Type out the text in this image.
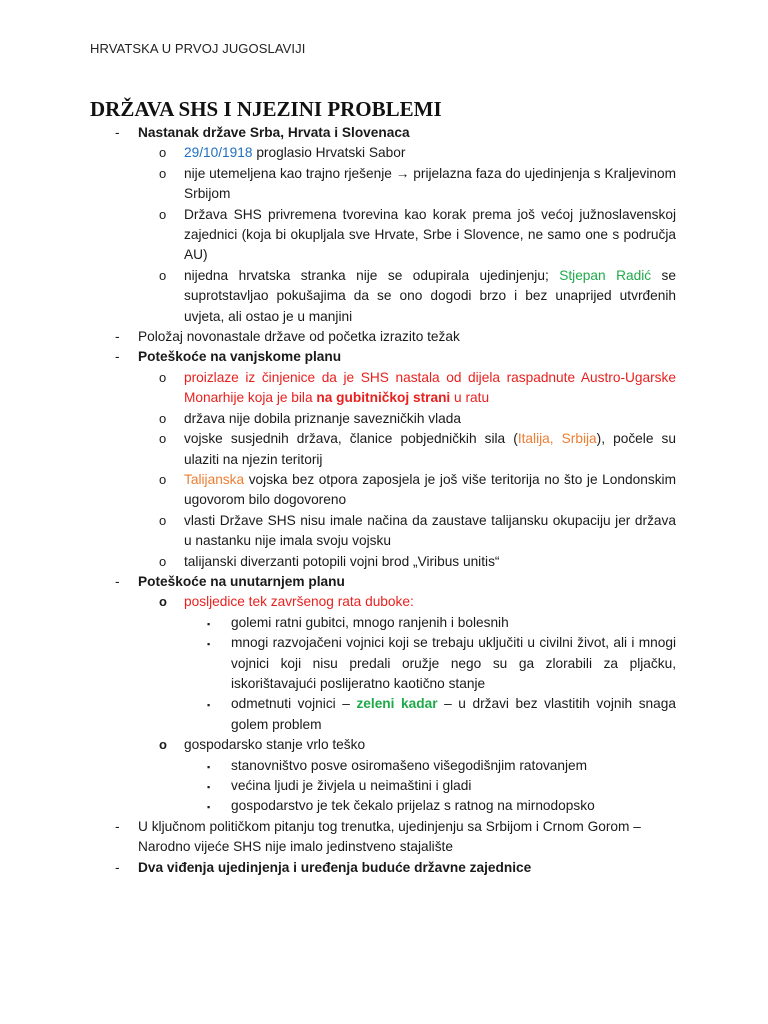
HRVATSKA U PRVOJ JUGOSLAVIJI
DRŽAVA SHS I NJEZINI PROBLEMI
- Nastanak države Srba, Hrvata i Slovenaca
o 29/10/1918 proglasio Hrvatski Sabor
o nije utemeljena kao trajno rješenje → prijelazna faza do ujedinjenja s Kraljevinom Srbijom
o Država SHS privremena tvorevina kao korak prema još većoj južnoslavenskoj zajednici (koja bi okupljala sve Hrvate, Srbe i Slovence, ne samo one s područja AU)
o nijedna hrvatska stranka nije se odupirala ujedinjenju; Stjepan Radić se suprotstavljao pokušajima da se ono dogodi brzo i bez unaprijed utvrđenih uvjeta, ali ostao je u manjini
- Položaj novonastale države od početka izrazito težak
- Poteškoće na vanjskome planu
o proizlaze iz činjenice da je SHS nastala od dijela raspadnute Austro-Ugarske Monarhije koja je bila na gubitničkoj strani u ratu
o država nije dobila priznanje savezničkih vlada
o vojske susjednih država, članice pobjedničkih sila (Italija, Srbija), počele su ulaziti na njezin teritorij
o Talijanska vojska bez otpora zaposjela je još više teritorija no što je Londonskim ugovorom bilo dogovoreno
o vlasti Države SHS nisu imale načina da zaustave talijansku okupaciju jer država u nastanku nije imala svoju vojsku
o talijanski diverzanti potopili vojni brod „Viribus unitis“
- Poteškoće na unutarnjem planu
o posljedice tek završenog rata duboke:
▪ golemi ratni gubitci, mnogo ranjenih i bolesnih
▪ mnogi razvojačeni vojnici koji se trebaju uključiti u civilni život, ali i mnogi vojnici koji nisu predali oružje nego su ga zlorabili za pljačku, iskorištavajući poslijeratno kaotično stanje
▪ odmetnuti vojnici – zeleni kadar – u državi bez vlastitih vojnih snaga golem problem
o gospodarsko stanje vrlo teško
▪ stanovništvo posve osiromašeno višegodišnjim ratovanjem
▪ većina ljudi je živjela u neimaštini i gladi
▪ gospodarstvo je tek čekalo prijelaz s ratnog na mirnodopsko
- U ključnom političkom pitanju tog trenutka, ujedinjenju sa Srbijom i Crnom Gorom – Narodno vijeće SHS nije imalo jedinstveno stajalište
- Dva viđenja ujedinjenja i uređenja buduće državne zajednice
